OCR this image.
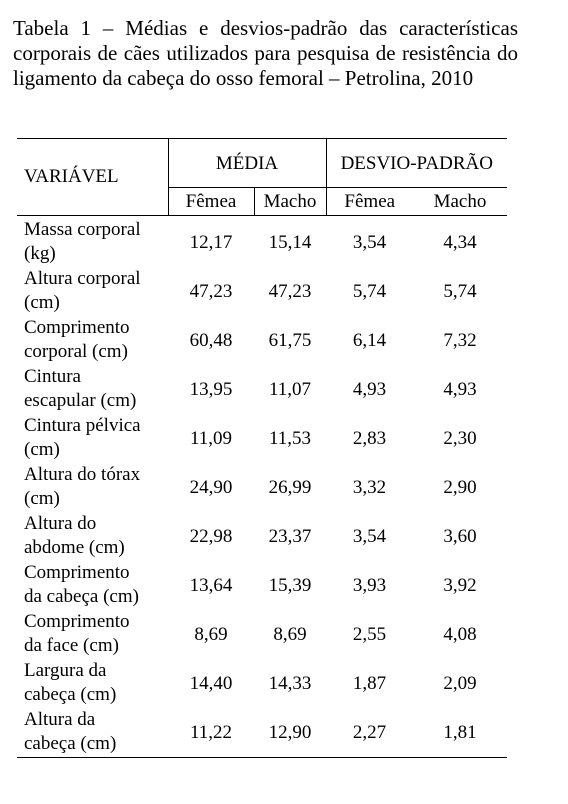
Tabela 1 – Médias e desvios-padrão das características corporais de cães utilizados para pesquisa de resistência do ligamento da cabeça do osso femoral – Petrolina, 2010
VARIÁVEL	MÉDIA		DESVIO-PADRÃO	
	Fêmea	Macho	Fêmea	Macho

Massa corporal
(kg)	12,17	15,14	3,54	4,34

Altura corporal
(cm)	47,23	47,23	5,74	5,74

Comprimento
corporal (cm)	60,48	61,75	6,14	7,32

Cintura
escapular (cm)	13,95	11,07	4,93	4,93

Cintura pélvica
(cm)	11,09	11,53	2,83	2,30

Altura do tórax
(cm)	24,90	26,99	3,32	2,90

Altura do
abdome (cm)	22,98	23,37	3,54	3,60

Comprimento
da cabeça (cm)	13,64	15,39	3,93	3,92

Comprimento
da face (cm)	8,69	8,69	2,55	4,08

Largura da
cabeça (cm)	14,40	14,33	1,87	2,09

Altura da
cabeça (cm)	11,22	12,90	2,27	1,81
